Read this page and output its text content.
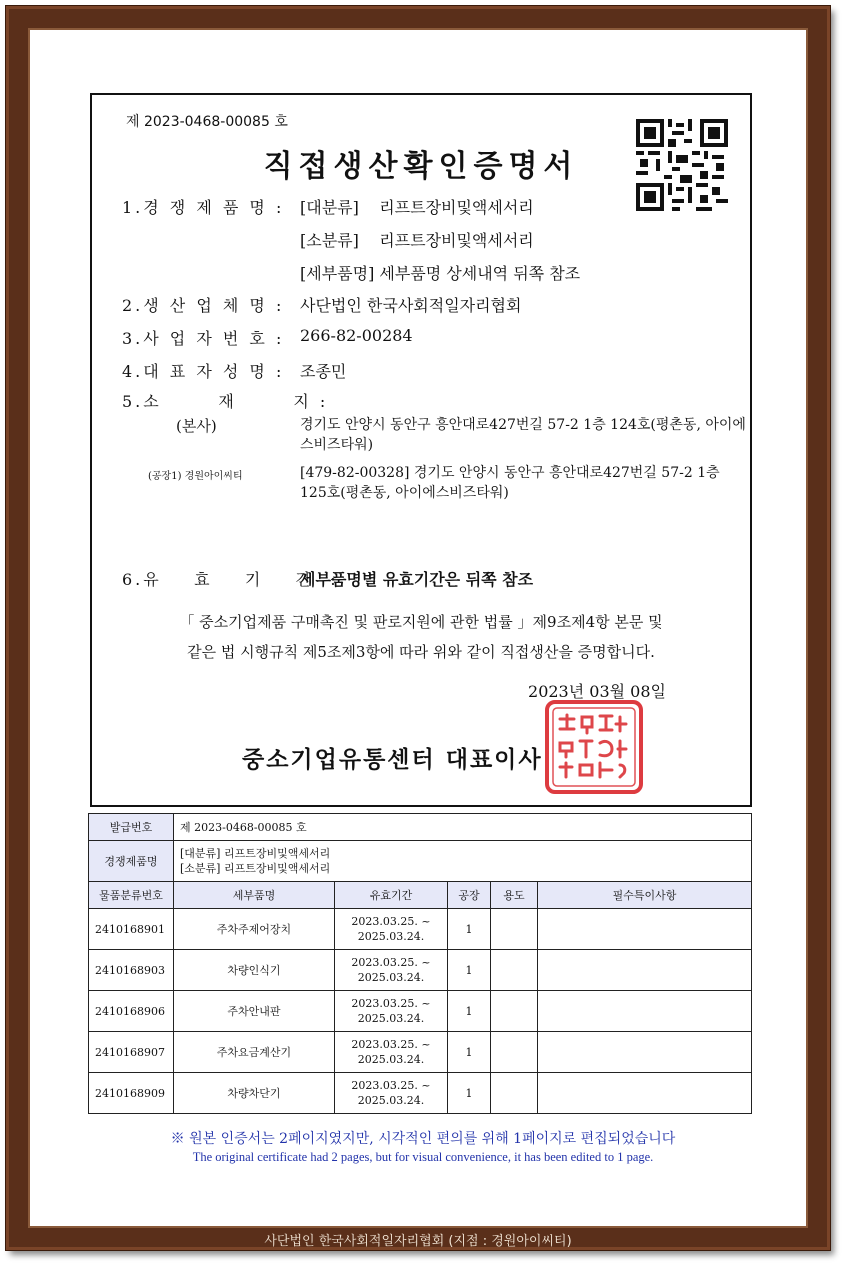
사단법인 한국사회적일자리협회 (지점 : 경원아이씨티)
제 2023-0468-00085 호
직접생산확인증명서
1.경 쟁 제 품 명 : [대분류]    리프트장비및액세서리
[소분류]    리프트장비및액세서리
[세부품명] 세부품명 상세내역 뒤쪽 참조
2.생 산 업 체 명 : 사단법인 한국사회적일자리협회
3.사 업 자 번 호 : 266-82-00284
4.대 표 자 성 명 : 조종민
5.소       재       지 :
(본사)	경기도 안양시 동안구 흥안대로427번길 57-2 1층 124호(평촌동, 아이에스비즈타워)
(공장1) 경원아이씨티	[479-82-00328] 경기도 안양시 동안구 흥안대로427번길 57-2 1층 125호(평촌동, 아이에스비즈타워)
6.유    효    기    간  :
세부품명별 유효기간은 뒤쪽 참조
「 중소기업제품 구매촉진 및 판로지원에 관한 법률 」제9조제4항 본문 및
같은 법 시행규칙 제5조제3항에 따라 위와 같이 직접생산을 증명합니다.
2023년 03월 08일
중소기업유통센터 대표이사
발급번호	제 2023-0468-00085 호				
경쟁제품명	[대분류] 리프트장비및액세서리
[소분류] 리프트장비및액세서리				

물품분류번호	세부품명	유효기간	공장	용도	필수특이사항
2410168901	주차주제어장치	2023.03.25. ~
2025.03.24.	1		
2410168903	차량인식기	2023.03.25. ~
2025.03.24.	1		
2410168906	주차안내판	2023.03.25. ~
2025.03.24.	1		
2410168907	주차요금계산기	2023.03.25. ~
2025.03.24.	1		
2410168909	차량차단기	2023.03.25. ~
2025.03.24.	1		
※ 원본 인증서는 2페이지였지만, 시각적인 편의를 위해 1페이지로 편집되었습니다
The original certificate had 2 pages, but for visual convenience, it has been edited to 1 page.
